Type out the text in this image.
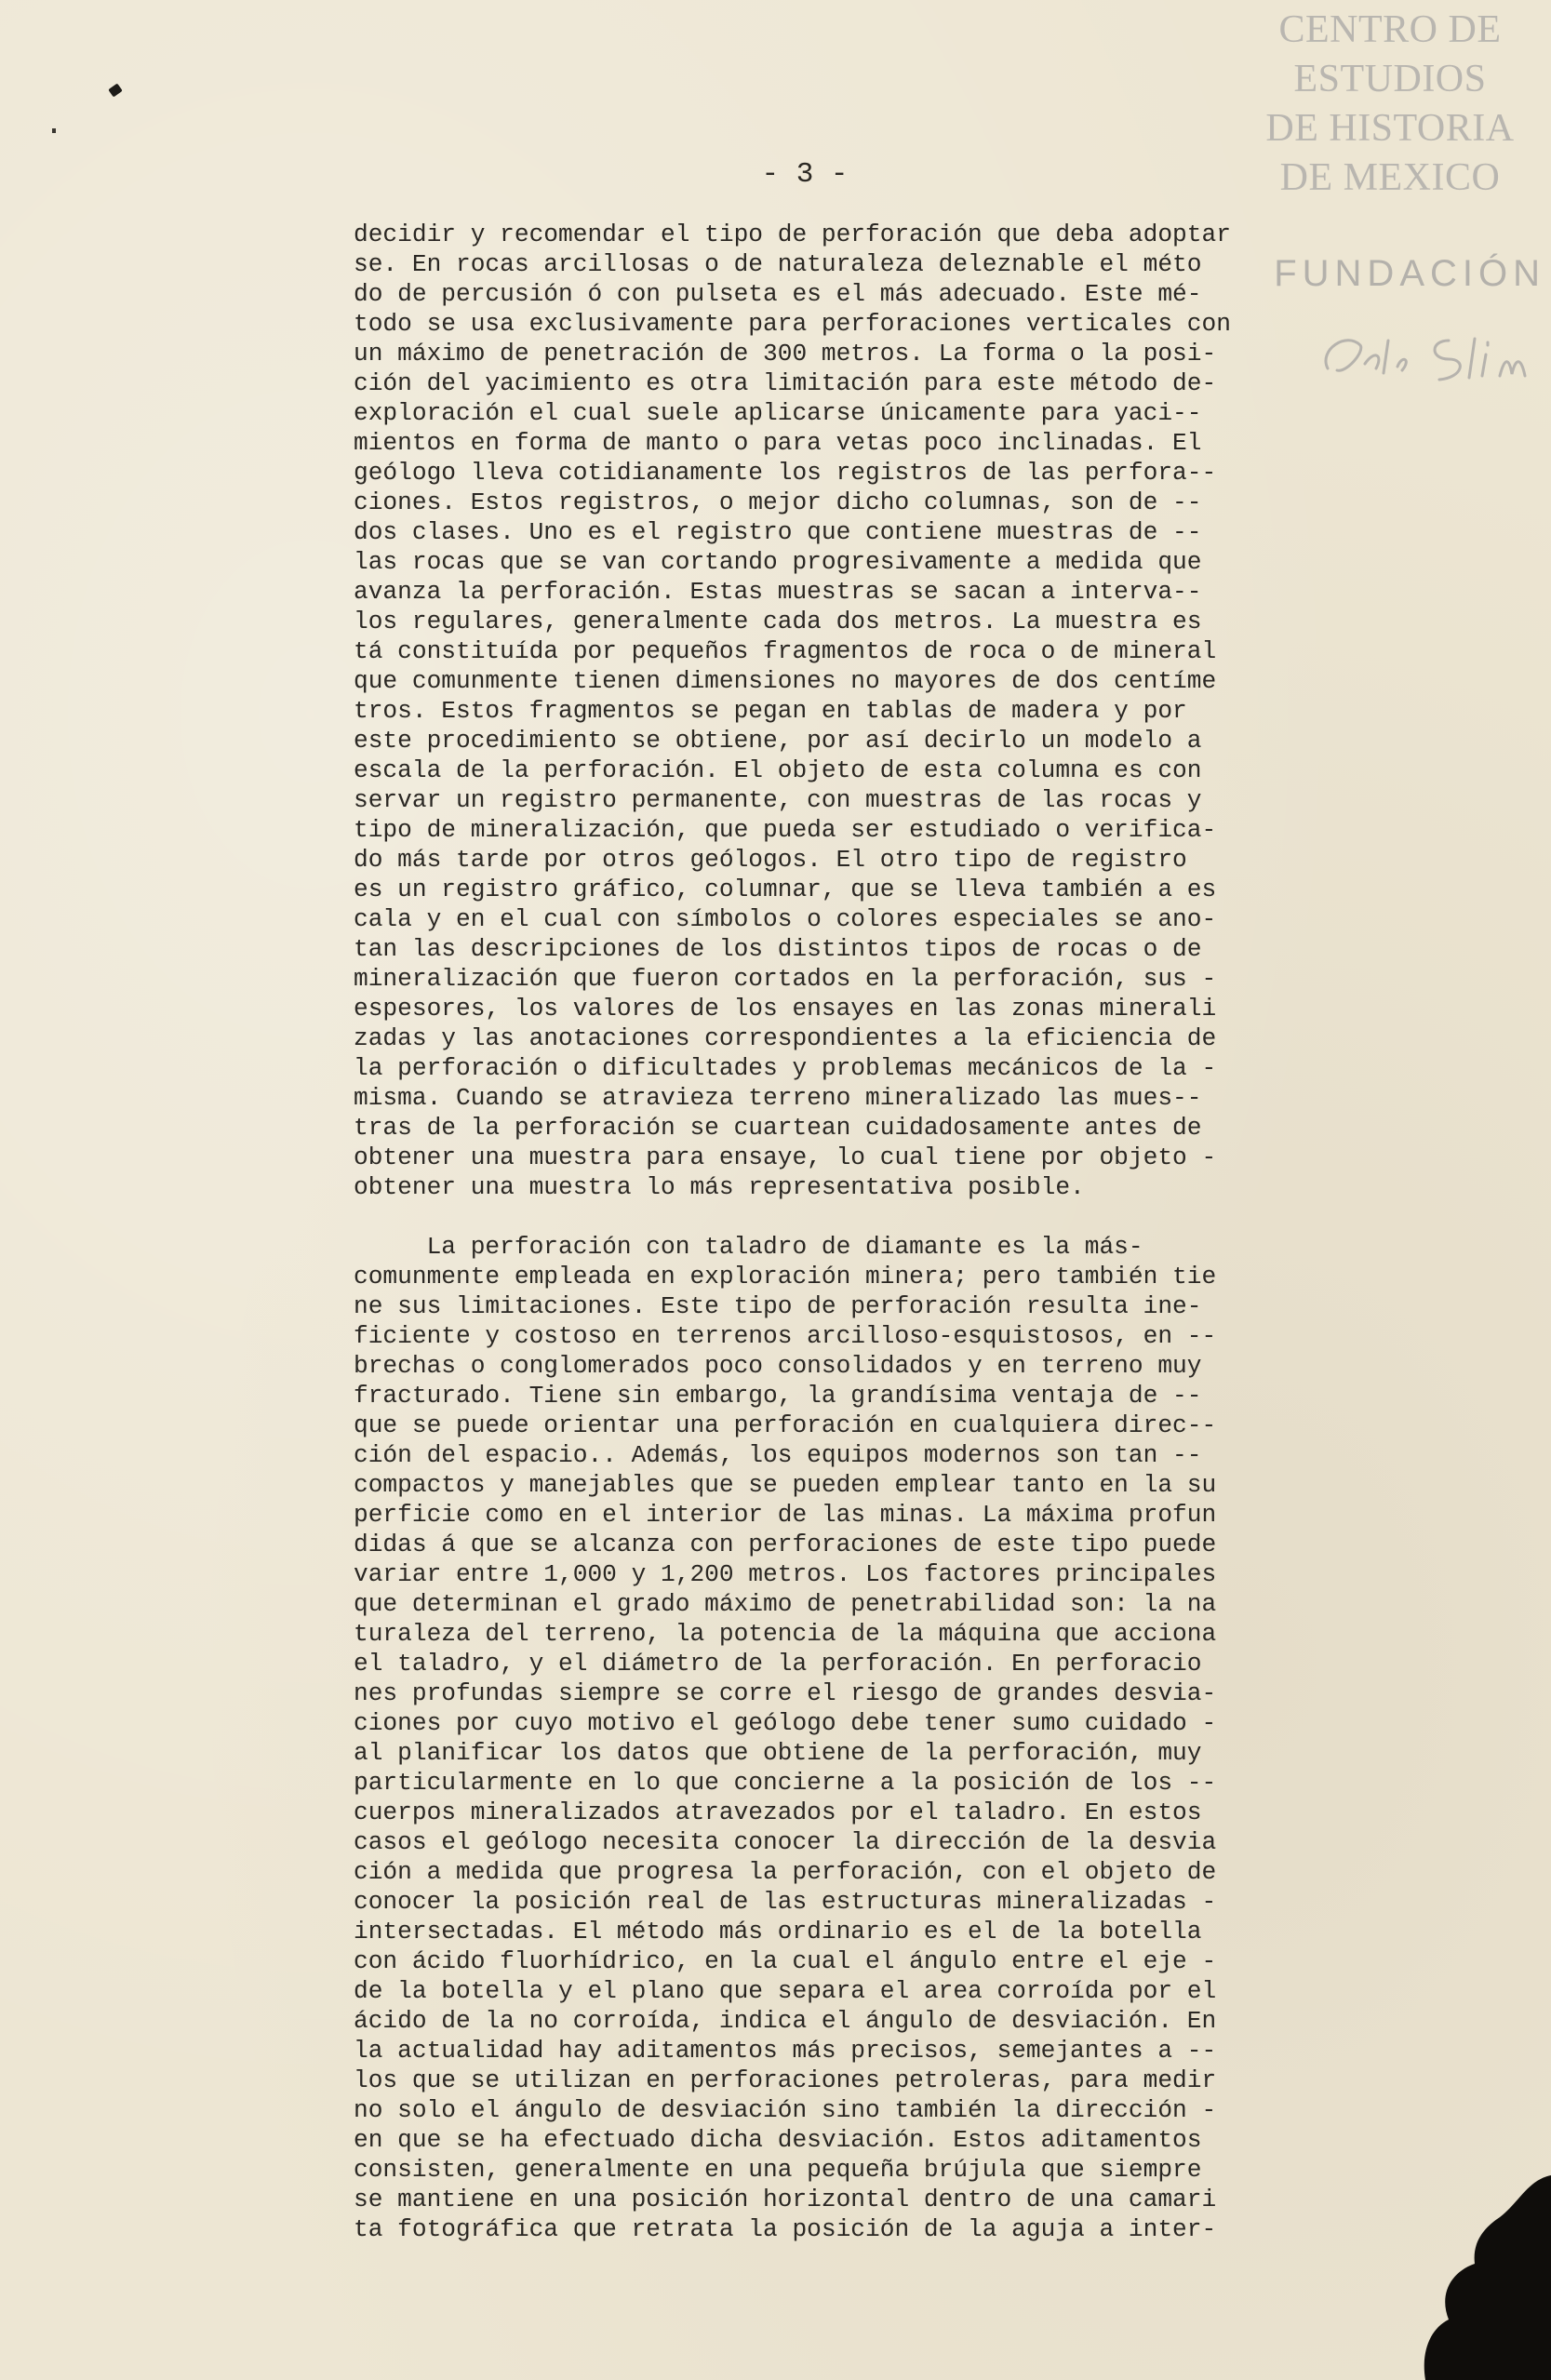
CENTRO DE
ESTUDIOS
DE HISTORIA
DE MEXICO
FUNDACIÓN
- 3 -
decidir y recomendar el tipo de perforación que deba adoptar
se. En rocas arcillosas o de naturaleza deleznable el méto
do de percusión ó con pulseta es el más adecuado. Este mé-
todo se usa exclusivamente para perforaciones verticales con
un máximo de penetración de 300 metros. La forma o la posi-
ción del yacimiento es otra limitación para este método de-
exploración el cual suele aplicarse únicamente para yaci--
mientos en forma de manto o para vetas poco inclinadas. El
geólogo lleva cotidianamente los registros de las perfora--
ciones. Estos registros, o mejor dicho columnas, son de --
dos clases. Uno es el registro que contiene muestras de --
las rocas que se van cortando progresivamente a medida que
avanza la perforación. Estas muestras se sacan a interva--
los regulares, generalmente cada dos metros. La muestra es
tá constituída por pequeños fragmentos de roca o de mineral
que comunmente tienen dimensiones no mayores de dos centíme
tros. Estos fragmentos se pegan en tablas de madera y por
este procedimiento se obtiene, por así decirlo un modelo a
escala de la perforación. El objeto de esta columna es con
servar un registro permanente, con muestras de las rocas y
tipo de mineralización, que pueda ser estudiado o verifica-
do más tarde por otros geólogos. El otro tipo de registro
es un registro gráfico, columnar, que se lleva también a es
cala y en el cual con símbolos o colores especiales se ano-
tan las descripciones de los distintos tipos de rocas o de
mineralización que fueron cortados en la perforación, sus -
espesores, los valores de los ensayes en las zonas minerali
zadas y las anotaciones correspondientes a la eficiencia de
la perforación o dificultades y problemas mecánicos de la -
misma. Cuando se atravieza terreno mineralizado las mues--
tras de la perforación se cuartean cuidadosamente antes de
obtener una muestra para ensaye, lo cual tiene por objeto -
obtener una muestra lo más representativa posible.
La perforación con taladro de diamante es la más-
comunmente empleada en exploración minera; pero también tie
ne sus limitaciones. Este tipo de perforación resulta ine-
ficiente y costoso en terrenos arcilloso-esquistosos, en --
brechas o conglomerados poco consolidados y en terreno muy
fracturado. Tiene sin embargo, la grandísima ventaja de --
que se puede orientar una perforación en cualquiera direc--
ción del espacio.. Además, los equipos modernos son tan --
compactos y manejables que se pueden emplear tanto en la su
perficie como en el interior de las minas. La máxima profun
didas á que se alcanza con perforaciones de este tipo puede
variar entre 1,000 y 1,200 metros. Los factores principales
que determinan el grado máximo de penetrabilidad son: la na
turaleza del terreno, la potencia de la máquina que acciona
el taladro, y el diámetro de la perforación. En perforacio
nes profundas siempre se corre el riesgo de grandes desvia-
ciones por cuyo motivo el geólogo debe tener sumo cuidado -
al planificar los datos que obtiene de la perforación, muy
particularmente en lo que concierne a la posición de los --
cuerpos mineralizados atravezados por el taladro. En estos
casos el geólogo necesita conocer la dirección de la desvia
ción a medida que progresa la perforación, con el objeto de
conocer la posición real de las estructuras mineralizadas -
intersectadas. El método más ordinario es el de la botella
con ácido fluorhídrico, en la cual el ángulo entre el eje -
de la botella y el plano que separa el area corroída por el
ácido de la no corroída, indica el ángulo de desviación. En
la actualidad hay aditamentos más precisos, semejantes a --
los que se utilizan en perforaciones petroleras, para medir
no solo el ángulo de desviación sino también la dirección -
en que se ha efectuado dicha desviación. Estos aditamentos
consisten, generalmente en una pequeña brújula que siempre
se mantiene en una posición horizontal dentro de una camari
ta fotográfica que retrata la posición de la aguja a inter-
